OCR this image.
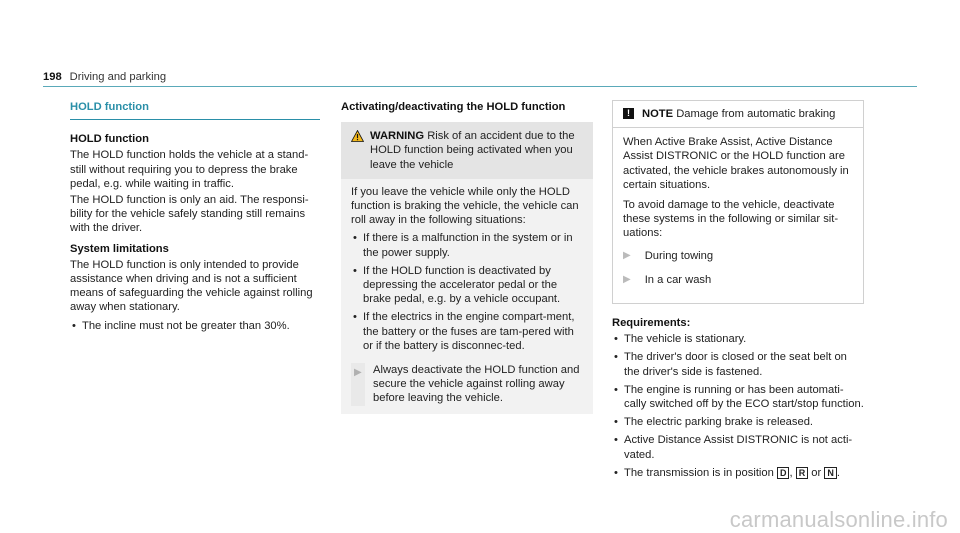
198 Driving and parking
HOLD function

HOLD function

The HOLD function holds the vehicle at a stand-still without requiring you to depress the brake pedal, e.g. while waiting in traffic.

The HOLD function is only an aid. The responsi-bility for the vehicle safely standing still remains with the driver.

System limitations

The HOLD function is only intended to provide assistance when driving and is not a sufficient means of safeguarding the vehicle against rolling away when stationary.

• The incline must not be greater than 30%.
Activating/deactivating the HOLD function
WARNING Risk of an accident due to the HOLD function being activated when you leave the vehicle

If you leave the vehicle while only the HOLD function is braking the vehicle, the vehicle can roll away in the following situations:

• If there is a malfunction in the system or in the power supply.
• If the HOLD function is deactivated by depressing the accelerator pedal or the brake pedal, e.g. by a vehicle occupant.
• If the electrics in the engine compart-ment, the battery or the fuses are tam-pered with or if the battery is disconnec-ted.
▶ Always deactivate the HOLD function and secure the vehicle against rolling away before leaving the vehicle.
!	NOTE Damage from automatic braking

When Active Brake Assist, Active Distance Assist DISTRONIC or the HOLD function are activated, the vehicle brakes autonomously in certain situations.

To avoid damage to the vehicle, deactivate these systems in the following or similar sit-uations:

▶ During towing
▶ In a car wash

Requirements:

• The vehicle is stationary.
• The driver's door is closed or the seat belt on the driver's side is fastened.
• The engine is running or has been automati-cally switched off by the ECO start/stop function.
• The electric parking brake is released.
• Active Distance Assist DISTRONIC is not acti-vated.
• The transmission is in position D , R or N .
carmanualsonline.info
